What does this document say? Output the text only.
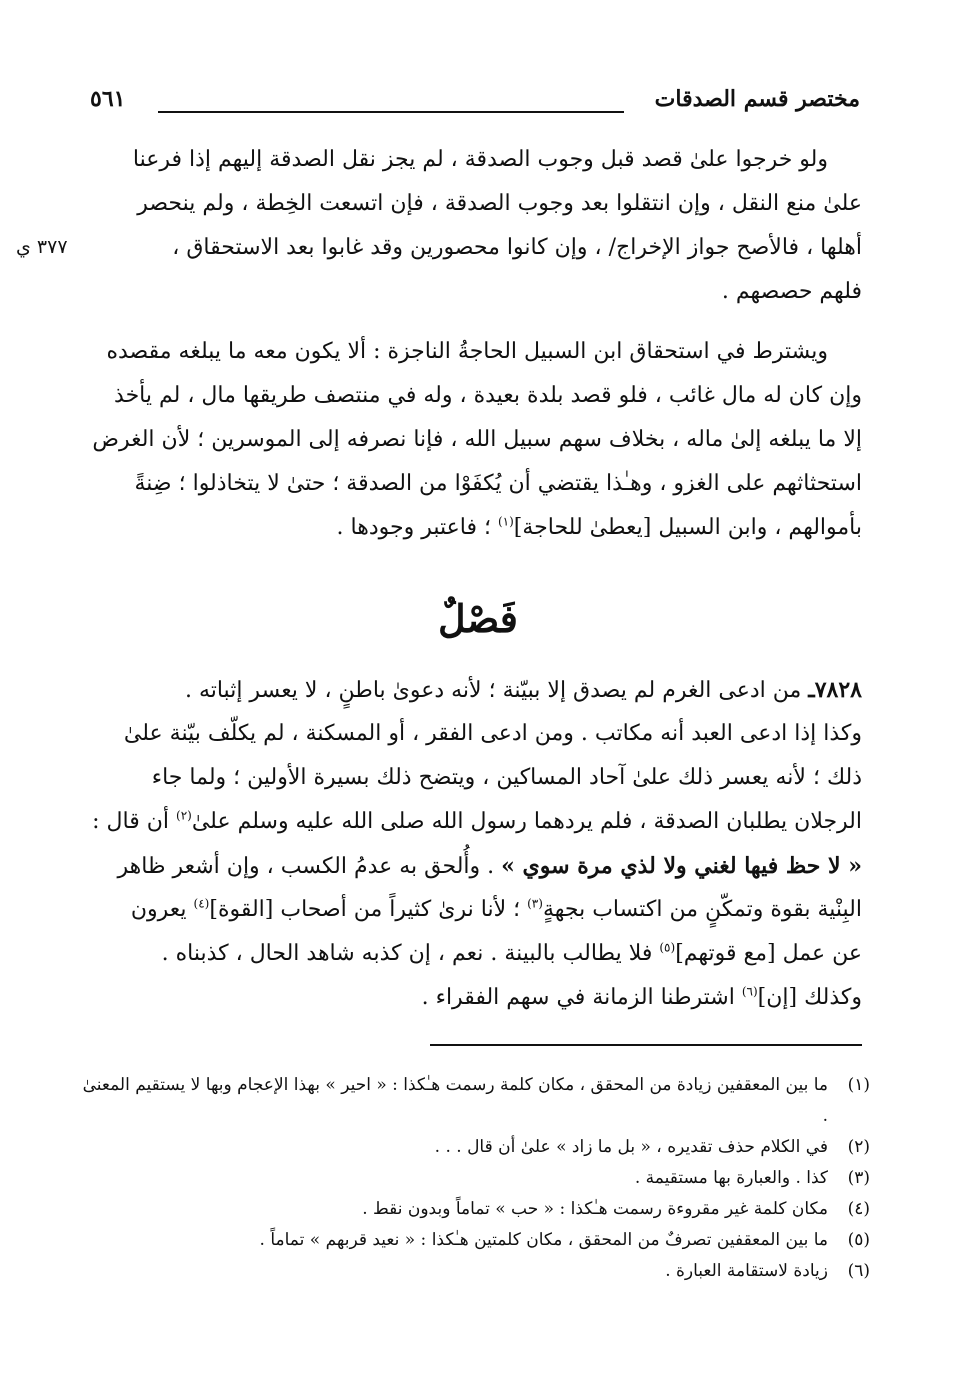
مختصر قسم الصدقات
٥٦١
ولو خرجوا علىٰ قصد قبل وجوب الصدقة ، لم يجز نقل الصدقة إليهم إذا فرعنا
علىٰ منع النقل ، وإن انتقلوا بعد وجوب الصدقة ، فإن اتسعت الخِطة ، ولم ينحصر
أهلها ، فالأصح جواز الإخراج/ ، وإن كانوا محصورين وقد غابوا بعد الاستحقاق ،
فلهم حصصهم .
٣٧٧ ي
ويشترط في استحقاق ابن السبيل الحاجةُ الناجزة : ألا يكون معه ما يبلغه مقصده
وإن كان له مال غائب ، فلو قصد بلدة بعيدة ، وله في منتصف طريقها مال ، لم يأخذ
إلا ما يبلغه إلىٰ ماله ، بخلاف سهم سبيل الله ، فإنا نصرفه إلى الموسرين ؛ لأن الغرض
استحثاثهم على الغزو ، وهـٰذا يقتضي أن يُكفَوْا من الصدقة ؛ حتىٰ لا يتخاذلوا ؛ ضِنةً
بأموالهم ، وابن السبيل [يعطىٰ للحاجة]$^{(١)}$ ؛ فاعتبر وجودها .
فَصْلٌ
٧٨٢٨ـ من ادعى الغرم لم يصدق إلا ببيّنة ؛ لأنه دعوىٰ باطنٍ ، لا يعسر إثباته .
وكذا إذا ادعى العبد أنه مكاتب . ومن ادعى الفقر ، أو المسكنة ، لم يكلّف بيّنة علىٰ
ذلك ؛ لأنه يعسر ذلك علىٰ آحاد المساكين ، ويتضح ذلك بسيرة الأولين ؛ ولما جاء
الرجلان يطلبان الصدقة ، فلم يردهما رسول الله صلى الله عليه وسلم علىٰ$^{(٢)}$ أن قال :
« لا حظ فيها لغني ولا لذي مرة سوي » . وأُلحق به عدمُ الكسب ، وإن أشعر ظاهر
البِنْية بقوة وتمكّنٍ من اكتساب بجهةٍ$^{(٣)}$ ؛ لأنا نرىٰ كثيراً من أصحاب [القوة]$^{(٤)}$ يعرون
عن عمل [مع قوتهم]$^{(٥)}$ فلا يطالب بالبينة . نعم ، إن كذبه شاهد الحال ، كذبناه .
وكذلك [إن]$^{(٦)}$ اشترطنا الزمانة في سهم الفقراء .
(١)
ما بين المعقفين زيادة من المحقق ، مكان كلمة رسمت هـٰكذا : « احير » بهذا الإعجام وبها لا يستقيم المعنىٰ .
(٢)
في الكلام حذف تقديره ، « بل ما زاد » علىٰ أن قال . . .
(٣)
كذا . والعبارة بها مستقيمة .
(٤)
مكان كلمة غير مقروءة رسمت هـٰكذا : « حب » تماماً وبدون نقط .
(٥)
ما بين المعقفين تصرفٌ من المحقق ، مكان كلمتين هـٰكذا : « نعيد قربهم » تماماً .
(٦)
زيادة لاستقامة العبارة .
